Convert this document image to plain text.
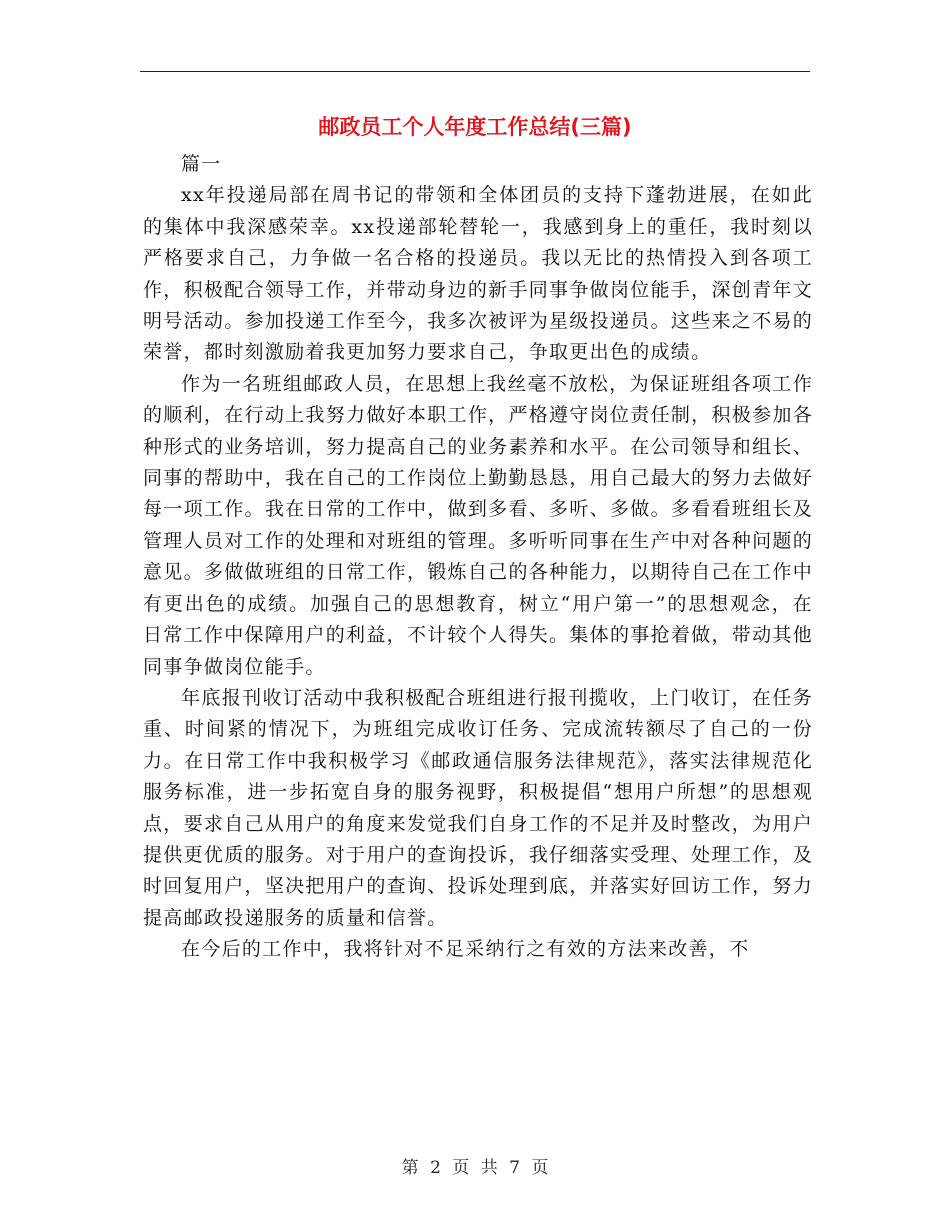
邮政员工个人年度工作总结(三篇)

篇一

xx年投递局部在周书记的带领和全体团员的支持下蓬勃进展，在如此的集体中我深感荣幸。xx投递部轮替轮一，我感到身上的重任，我时刻以严格要求自己，力争做一名合格的投递员。我以无比的热情投入到各项工作，积极配合领导工作，并带动身边的新手同事争做岗位能手，深创青年文明号活动。参加投递工作至今，我多次被评为星级投递员。这些来之不易的荣誉，都时刻激励着我更加努力要求自己，争取更出色的成绩。

作为一名班组邮政人员，在思想上我丝毫不放松，为保证班组各项工作的顺利，在行动上我努力做好本职工作，严格遵守岗位责任制，积极参加各种形式的业务培训，努力提高自己的业务素养和水平。在公司领导和组长、同事的帮助中，我在自己的工作岗位上勤勤恳恳，用自己最大的努力去做好每一项工作。我在日常的工作中，做到多看、多听、多做。多看看班组长及管理人员对工作的处理和对班组的管理。多听听同事在生产中对各种问题的意见。多做做班组的日常工作，锻炼自己的各种能力，以期待自己在工作中有更出色的成绩。加强自己的思想教育，树立“用户第一”的思想观念，在日常工作中保障用户的利益，不计较个人得失。集体的事抢着做，带动其他同事争做岗位能手。

年底报刊收订活动中我积极配合班组进行报刊揽收，上门收订，在任务重、时间紧的情况下，为班组完成收订任务、完成流转额尽了自己的一份力。在日常工作中我积极学习《邮政通信服务法律规范》，落实法律规范化服务标准，进一步拓宽自身的服务视野，积极提倡“想用户所想”的思想观点，要求自己从用户的角度来发觉我们自身工作的不足并及时整改，为用户提供更优质的服务。对于用户的查询投诉，我仔细落实受理、处理工作，及时回复用户，坚决把用户的查询、投诉处理到底，并落实好回访工作，努力提高邮政投递服务的质量和信誉。

在今后的工作中，我将针对不足采纳行之有效的方法来改善，不

第 2 页 共 7 页
